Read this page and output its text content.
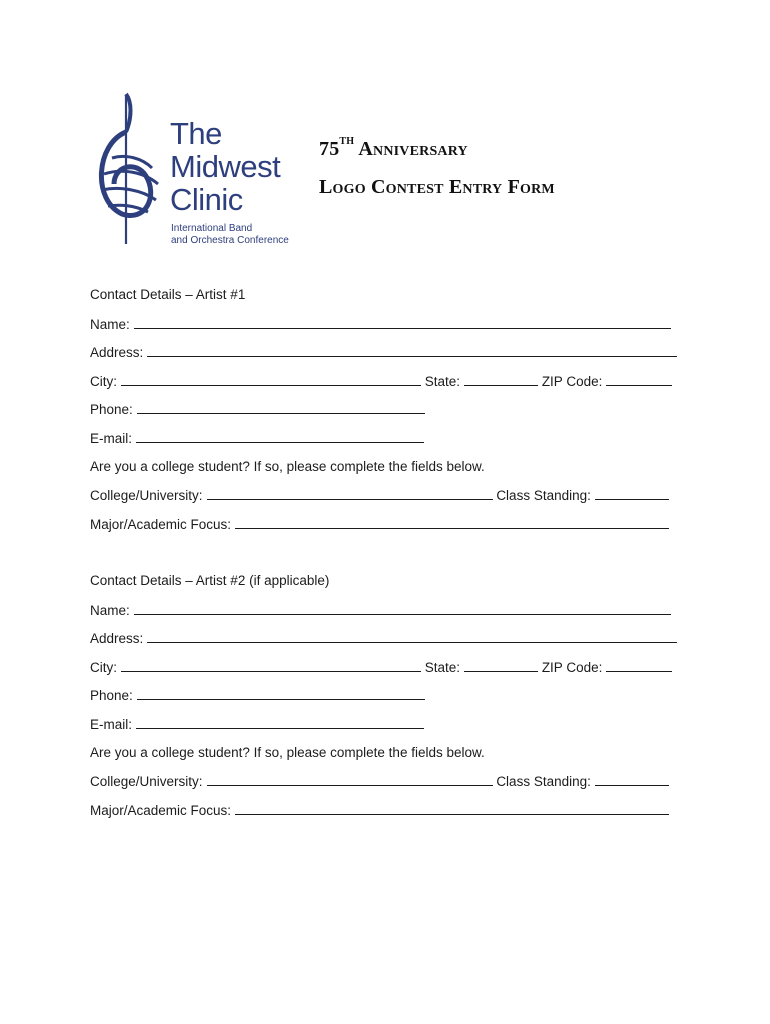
The
Midwest
Clinic
International Band
and Orchestra Conference
75TH Anniversary
Logo Contest Entry Form
Contact Details – Artist #1
Name:
Address:
City:	State:	ZIP Code:
Phone:
E-mail:
Are you a college student? If so, please complete the fields below.
College/University:	Class Standing:
Major/Academic Focus:
Contact Details – Artist #2 (if applicable)
Name:
Address:
City:	State:	ZIP Code:
Phone:
E-mail:
Are you a college student? If so, please complete the fields below.
College/University:	Class Standing:
Major/Academic Focus:
